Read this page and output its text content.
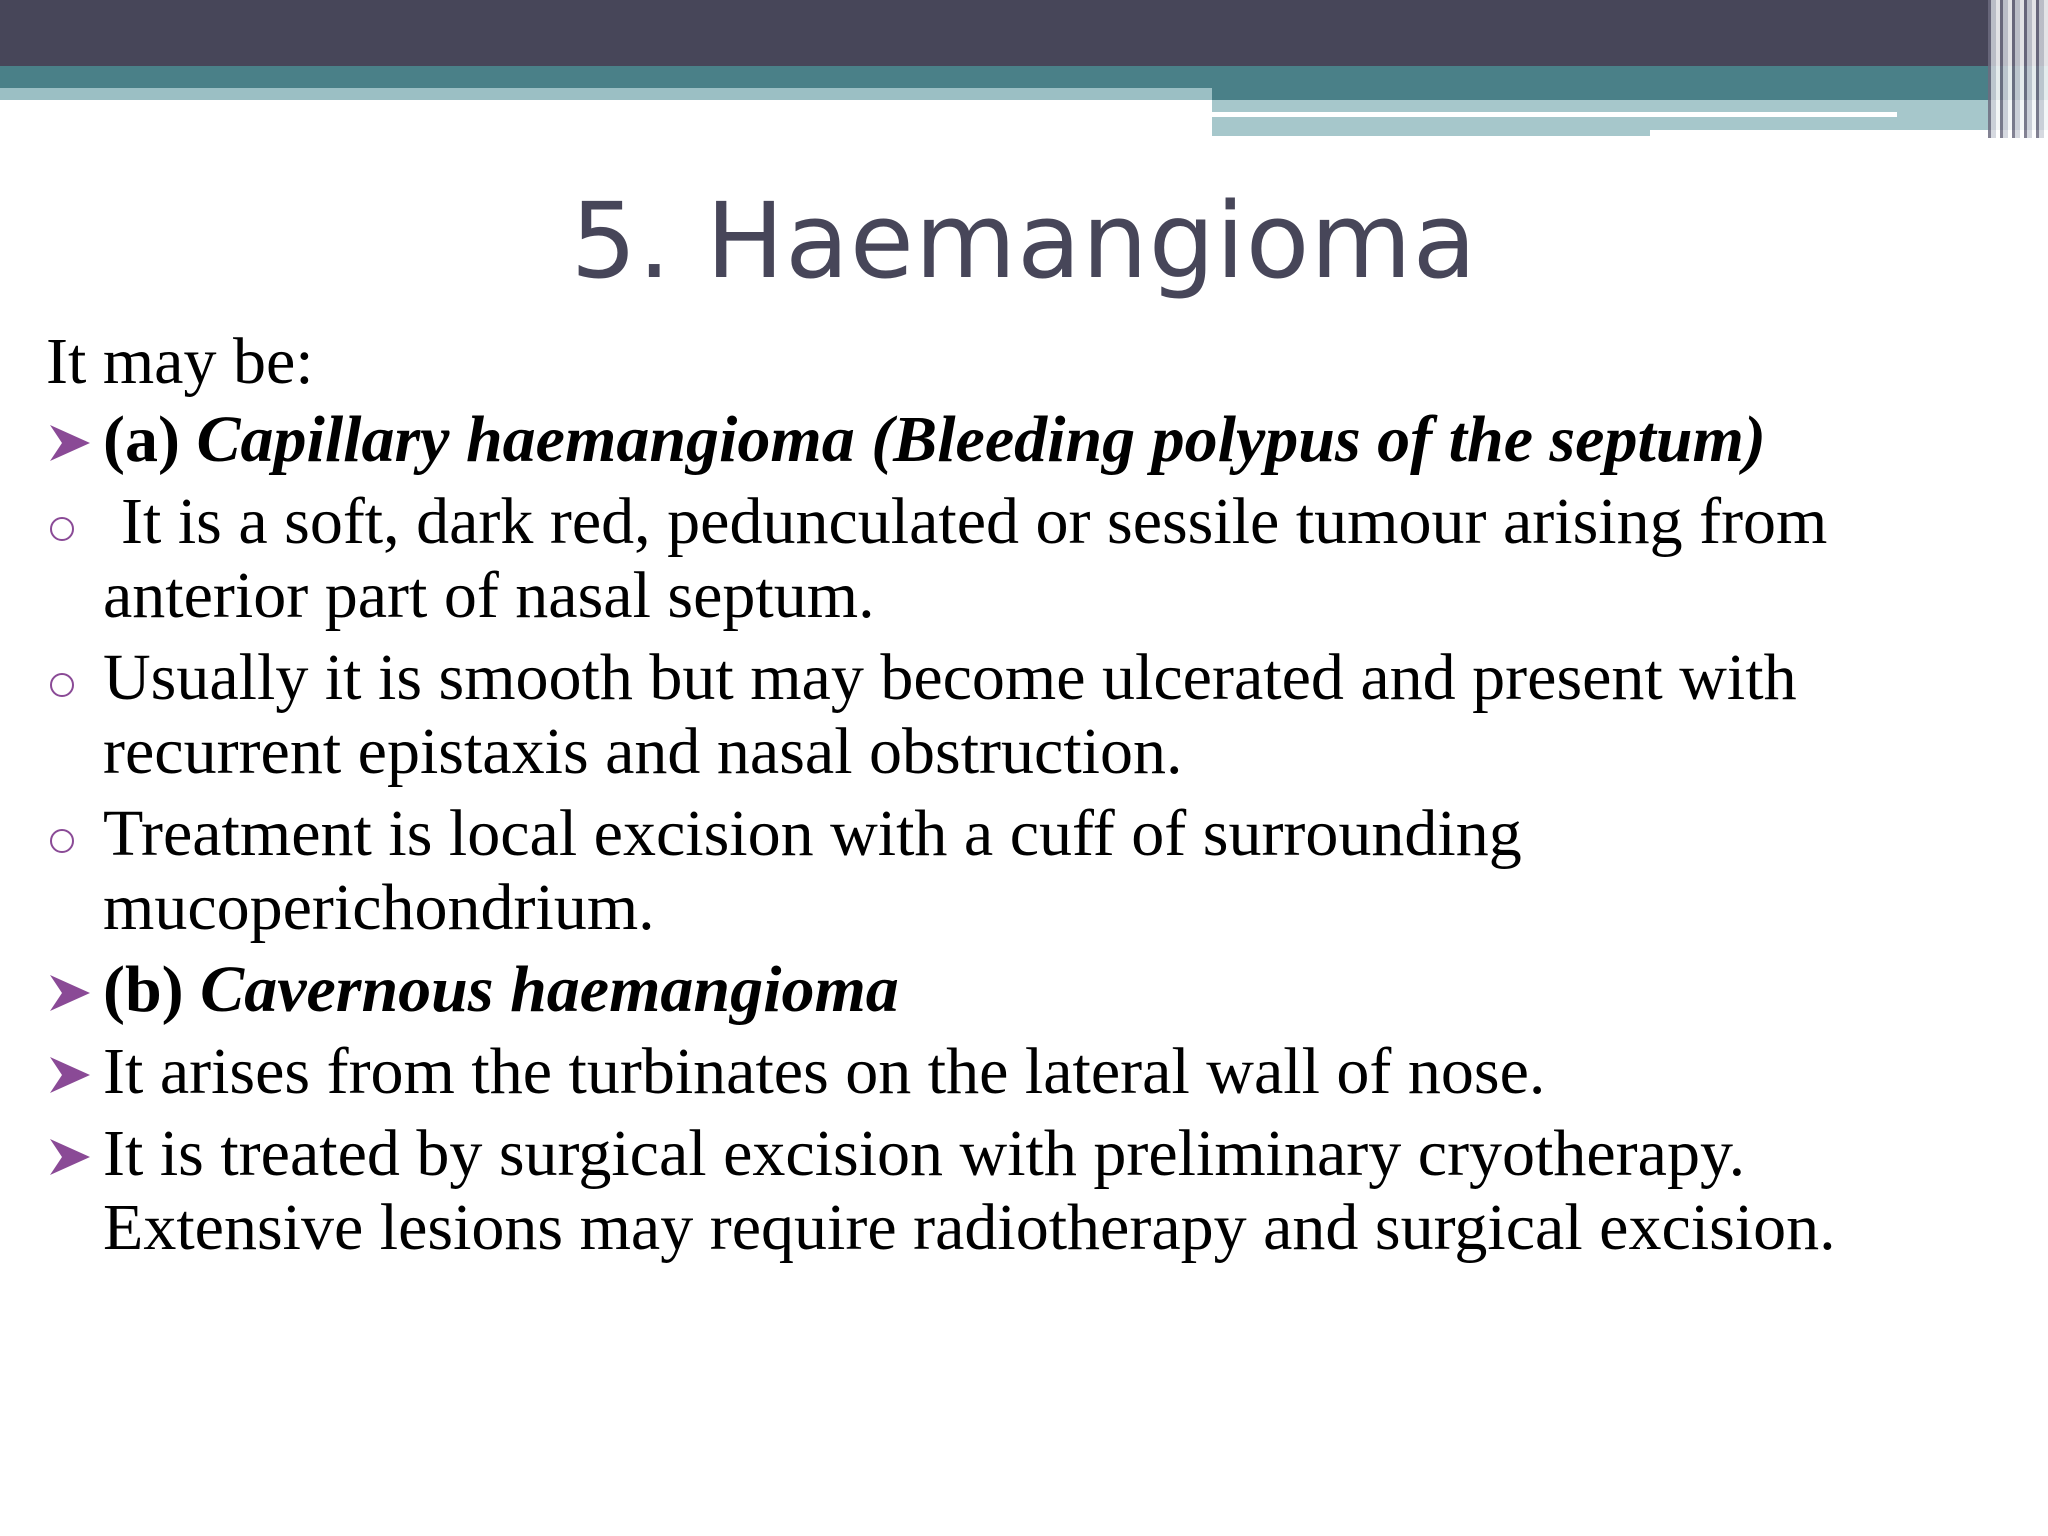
5. Haemangioma

It may be:

(a) Capillary haemangioma (Bleeding polypus of the septum)
It is a soft, dark red, pedunculated or sessile tumour arising from anterior part of nasal septum.
Usually it is smooth but may become ulcerated and present with recurrent epistaxis and nasal obstruction.
Treatment is local excision with a cuff of surrounding mucoperichondrium.
(b) Cavernous haemangioma
It arises from the turbinates on the lateral wall of nose.
It is treated by surgical excision with preliminary cryotherapy. Extensive lesions may require radiotherapy and surgical excision.
